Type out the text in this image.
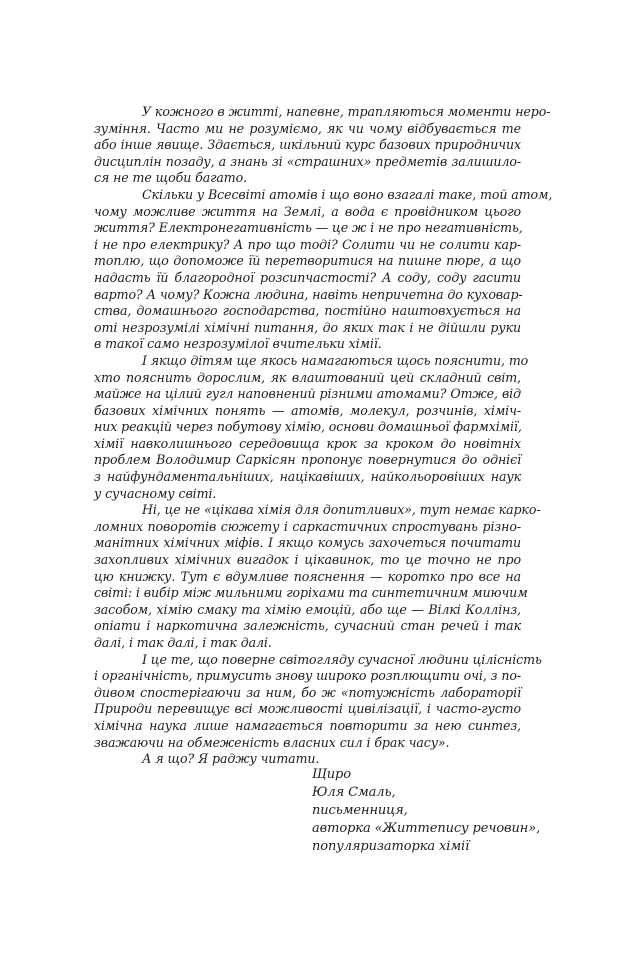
У кожного в житті, напевне, трапляються моменти неро-
зуміння. Часто ми не розуміємо, як чи чому відбувається те
або інше явище. Здається, шкільний курс базових природничих
дисциплін позаду, а знань зі «страшних» предметів залишило-
ся не те щоби багато.
Скільки у Всесвіті атомів і що воно взагалі таке, той атом,
чому можливе життя на Землі, а вода є провідником цього
життя? Електронегативність — це ж і не про негативність,
і не про електрику? А про що тоді? Солити чи не солити кар-
топлю, що допоможе їй перетворитися на пишне пюре, а що
надасть їй благородної розсипчастості? А соду, соду гасити
варто? А чому? Кожна людина, навіть непричетна до куховар-
ства, домашнього господарства, постійно наштовхується на
оті незрозумілі хімічні питання, до яких так і не дійшли руки
в такої само незрозумілої вчительки хімії.
І якщо дітям ще якось намагаються щось пояснити, то
хто пояснить дорослим, як влаштований цей складний світ,
майже на цілий гугл наповнений різними атомами? Отже, від
базових хімічних понять — атомів, молекул, розчинів, хіміч-
них реакцій через побутову хімію, основи домашньої фармхімії,
хімії навколишнього середовища крок за кроком до новітніх
проблем Володимир Саркісян пропонує повернутися до однієї
з найфундаментальніших, націкавіших, найкольоровіших наук
у сучасному світі.
Ні, це не «цікава хімія для допитливих», тут немає карко-
ломних поворотів сюжету і саркастичних спростувань різно-
манітних хімічних міфів. І якщо комусь захочеться почитати
захопливих хімічних вигадок і цікавинок, то це точно не про
цю книжку. Тут є вдумливе пояснення — коротко про все на
світі: і вибір між мильними горіхами та синтетичним миючим
засобом, хімію смаку та хімію емоцій, або ще — Вілкі Коллінз,
опіати і наркотична залежність, сучасний стан речей і так
далі, і так далі, і так далі.
І це те, що поверне світогляду сучасної людини цілісність
і органічність, примусить знову широко розплющити очі, з по-
дивом спостерігаючи за ним, бо ж «потужність лабораторії
Природи перевищує всі можливості цивілізації, і часто-густо
хімічна наука лише намагається повторити за нею синтез,
зважаючи на обмеженість власних сил і брак часу».
А я що? Я раджу читати.
Щиро
Юля Смаль,
письменниця,
авторка «Життепису речовин»,
популяризаторка хімії
